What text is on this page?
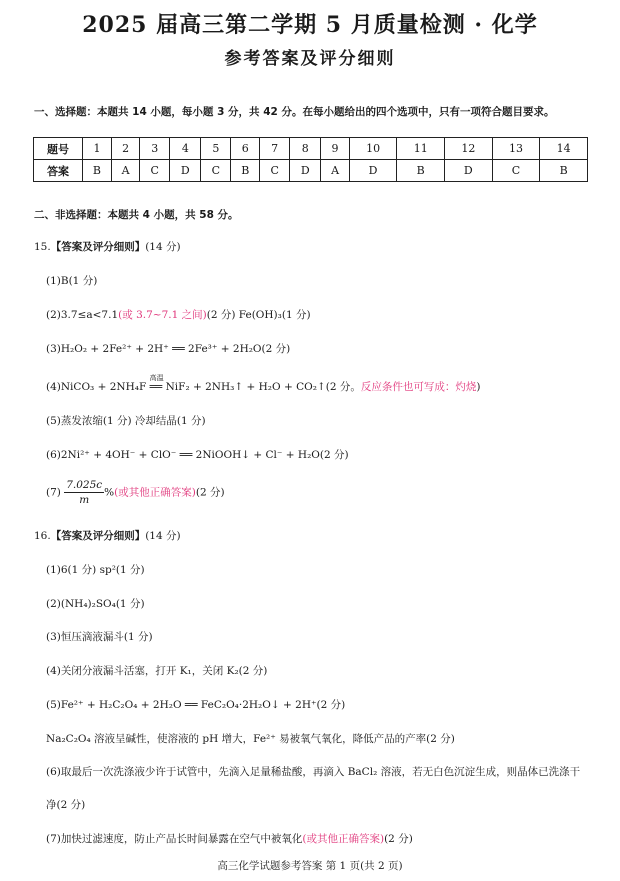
2025 届高三第二学期 5 月质量检测 · 化学
参考答案及评分细则
一、选择题：本题共 14 小题，每小题 3 分，共 42 分。在每小题给出的四个选项中，只有一项符合题目要求。
题号	1	2	3	4	5	6	7	8	9	10	11	12	13	14
答案	B	A	C	D	C	B	C	D	A	D	B	D	C	B
二、非选择题：本题共 4 小题，共 58 分。
15.【答案及评分细则】(14 分)
(1)B(1 分)
(2)3.7≤a<7.1(或 3.7~7.1 之间)(2 分) Fe(OH)₃(1 分)
(3)H₂O₂ + 2Fe²⁺ + 2H⁺ ══ 2Fe³⁺ + 2H₂O(2 分)
(4)NiCO₃ + 2NH₄F
高温
══ NiF₂ + 2NH₃↑ + H₂O + CO₂↑(2 分。反应条件也可写成：灼烧)
(5)蒸发浓缩(1 分) 冷却结晶(1 分)
(6)2Ni²⁺ + 4OH⁻ + ClO⁻ ══ 2NiOOH↓ + Cl⁻ + H₂O(2 分)
$(7) \frac{7.025c}{m}$ %(或其他正确答案)(2 分)
16.【答案及评分细则】(14 分)
(1)6(1 分) sp²(1 分)
(2)(NH₄)₂SO₄(1 分)
(3)恒压滴液漏斗(1 分)
(4)关闭分液漏斗活塞，打开 K₁，关闭 K₂(2 分)
(5)Fe²⁺ + H₂C₂O₄ + 2H₂O ══ FeC₂O₄·2H₂O↓ + 2H⁺(2 分)
Na₂C₂O₄ 溶液呈碱性，使溶液的 pH 增大，Fe²⁺ 易被氧气氧化，降低产品的产率(2 分)
(6)取最后一次洗涤液少许于试管中，先滴入足量稀盐酸，再滴入 BaCl₂ 溶液，若无白色沉淀生成，则晶体已洗涤干
净(2 分)
(7)加快过滤速度，防止产品长时间暴露在空气中被氧化(或其他正确答案)(2 分)
高三化学试题参考答案 第 1 页(共 2 页)
